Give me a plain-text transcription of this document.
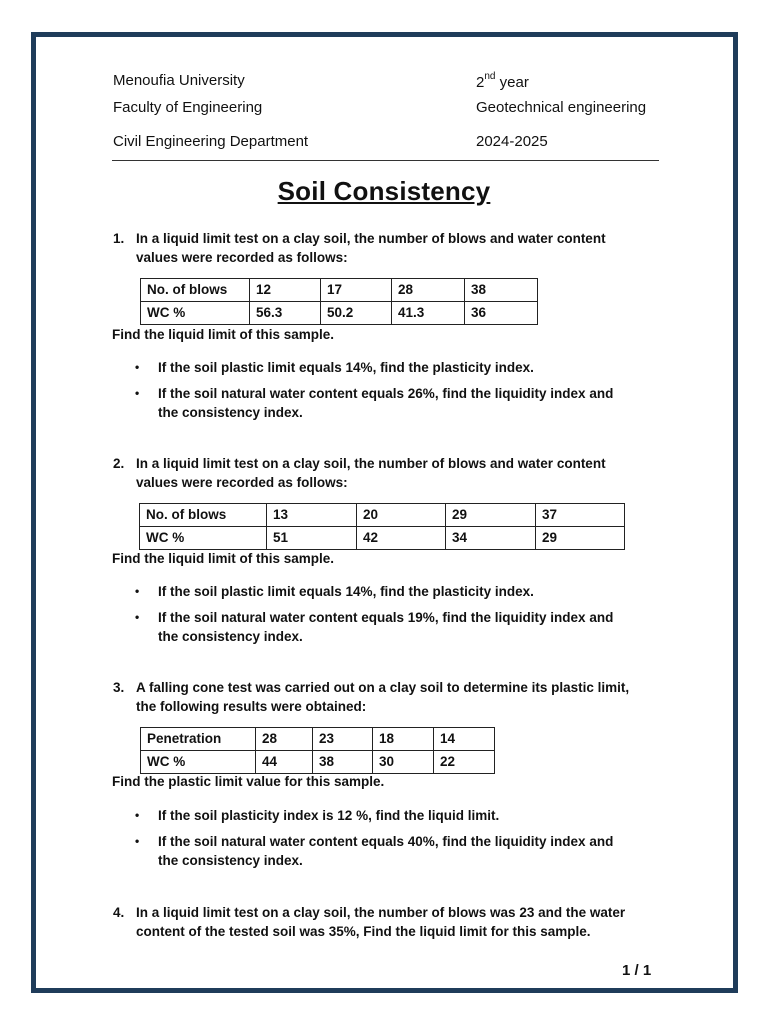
Menoufia University
Faculty of Engineering
Civil Engineering Department
2nd year
Geotechnical engineering
2024-2025
Soil Consistency
1. In a liquid limit test on a clay soil, the number of blows and water content
values were recorded as follows:
No. of blows	12	17	28	38
WC %	56.3	50.2	41.3	36
Find the liquid limit of this sample.
• If the soil plastic limit equals 14%, find the plasticity index.
• If the soil natural water content equals 26%, find the liquidity index and
the consistency index.
2. In a liquid limit test on a clay soil, the number of blows and water content
values were recorded as follows:
No. of blows	13	20	29	37
WC %	51	42	34	29
Find the liquid limit of this sample.
• If the soil plastic limit equals 14%, find the plasticity index.
• If the soil natural water content equals 19%, find the liquidity index and
the consistency index.
3. A falling cone test was carried out on a clay soil to determine its plastic limit,
the following results were obtained:
Penetration	28	23	18	14
WC %	44	38	30	22
Find the plastic limit value for this sample.
• If the soil plasticity index is 12 %, find the liquid limit.
• If the soil natural water content equals 40%, find the liquidity index and
the consistency index.
4. In a liquid limit test on a clay soil, the number of blows was 23 and the water
content of the tested soil was 35%, Find the liquid limit for this sample.
1 / 1
